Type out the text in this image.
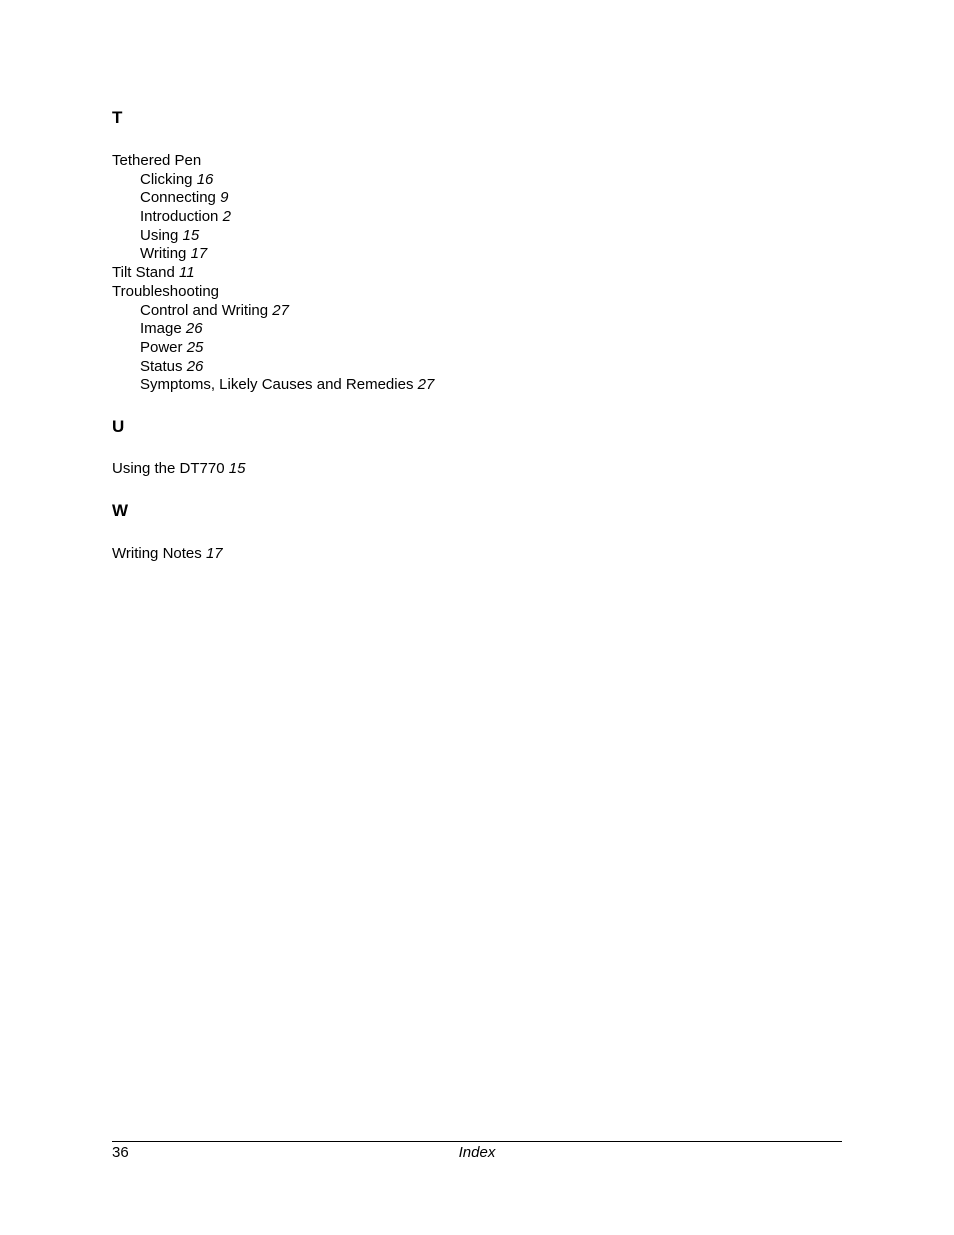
T
Tethered Pen
Clicking 16
Connecting 9
Introduction 2
Using 15
Writing 17
Tilt Stand 11
Troubleshooting
Control and Writing 27
Image 26
Power 25
Status 26
Symptoms, Likely Causes and Remedies 27
U
Using the DT770 15
W
Writing Notes 17
36	Index
